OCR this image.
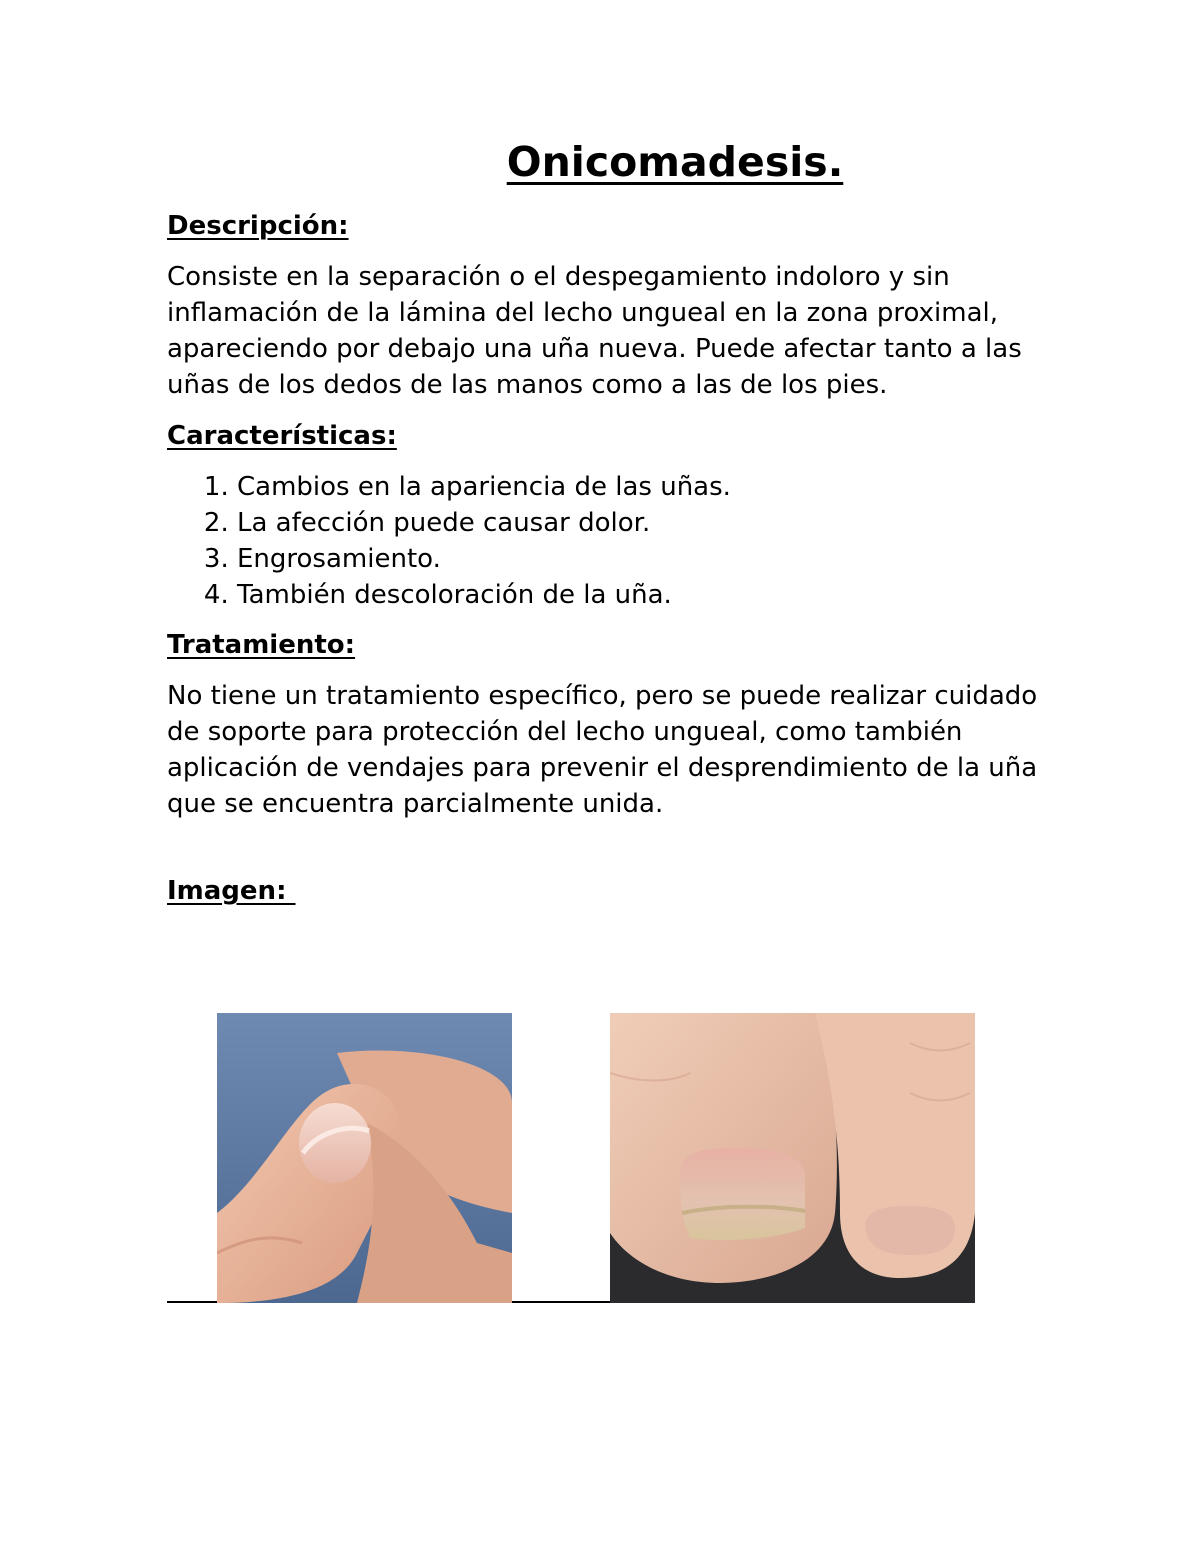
Onicomadesis.

Descripción:

Consiste en la separación o el despegamiento indoloro y sin inflamación de la lámina del lecho ungueal en la zona proximal, apareciendo por debajo una uña nueva. Puede afectar tanto a las uñas de los dedos de las manos como a las de los pies.

Características:

1. Cambios en la apariencia de las uñas.
2. La afección puede causar dolor.
3. Engrosamiento.
4. También descoloración de la uña.

Tratamiento:

No tiene un tratamiento específico, pero se puede realizar cuidado de soporte para protección del lecho ungueal, como también aplicación de vendajes para prevenir el desprendimiento de la uña que se encuentra parcialmente unida.

Imagen:
